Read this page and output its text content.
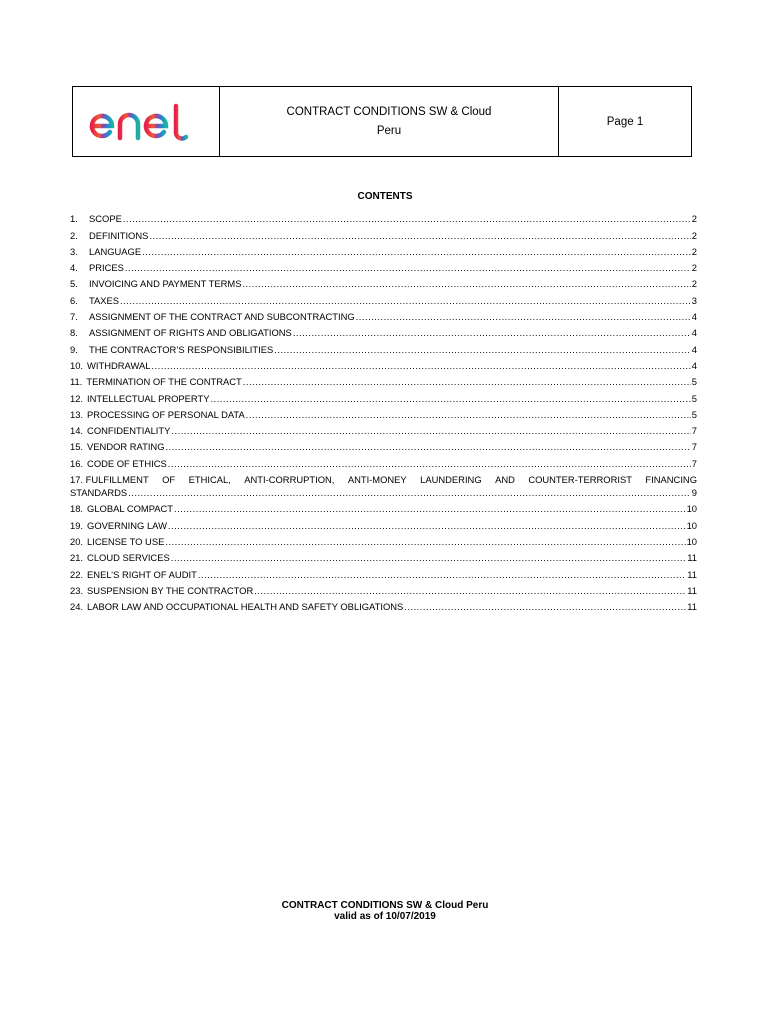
CONTRACT CONDITIONS SW & Cloud
Peru
Page 1
CONTENTS
1.	SCOPE .....	2
2.	DEFINITIONS .....	2
3.	LANGUAGE .....	2
4.	PRICES .....	2
5.	INVOICING AND PAYMENT TERMS .....	2
6.	TAXES .....	3
7.	ASSIGNMENT OF THE CONTRACT AND SUBCONTRACTING .....	4
8.	ASSIGNMENT OF RIGHTS AND OBLIGATIONS .....	4
9.	THE CONTRACTOR’S RESPONSIBILITIES .....	4
10. WITHDRAWAL .....	4
11. TERMINATION OF THE CONTRACT .....	5
12. INTELLECTUAL PROPERTY .....	5
13. PROCESSING OF PERSONAL DATA .....	5
14. CONFIDENTIALITY .....	7
15. VENDOR RATING .....	7
16. CODE OF ETHICS .....	7
17. FULFILLMENT OF ETHICAL, ANTI-CORRUPTION, ANTI-MONEY LAUNDERING AND COUNTER-TERRORIST FINANCING
STANDARDS .....	9
18. GLOBAL COMPACT .....	10
19. GOVERNING LAW .....	10
20. LICENSE TO USE .....	10
21. CLOUD SERVICES .....	11
22. ENEL’S RIGHT OF AUDIT .....	11
23. SUSPENSION BY THE CONTRACTOR .....	11
24. LABOR LAW AND OCCUPATIONAL HEALTH AND SAFETY OBLIGATIONS .....	11
CONTRACT CONDITIONS SW & Cloud Peru
valid as of 10/07/2019
